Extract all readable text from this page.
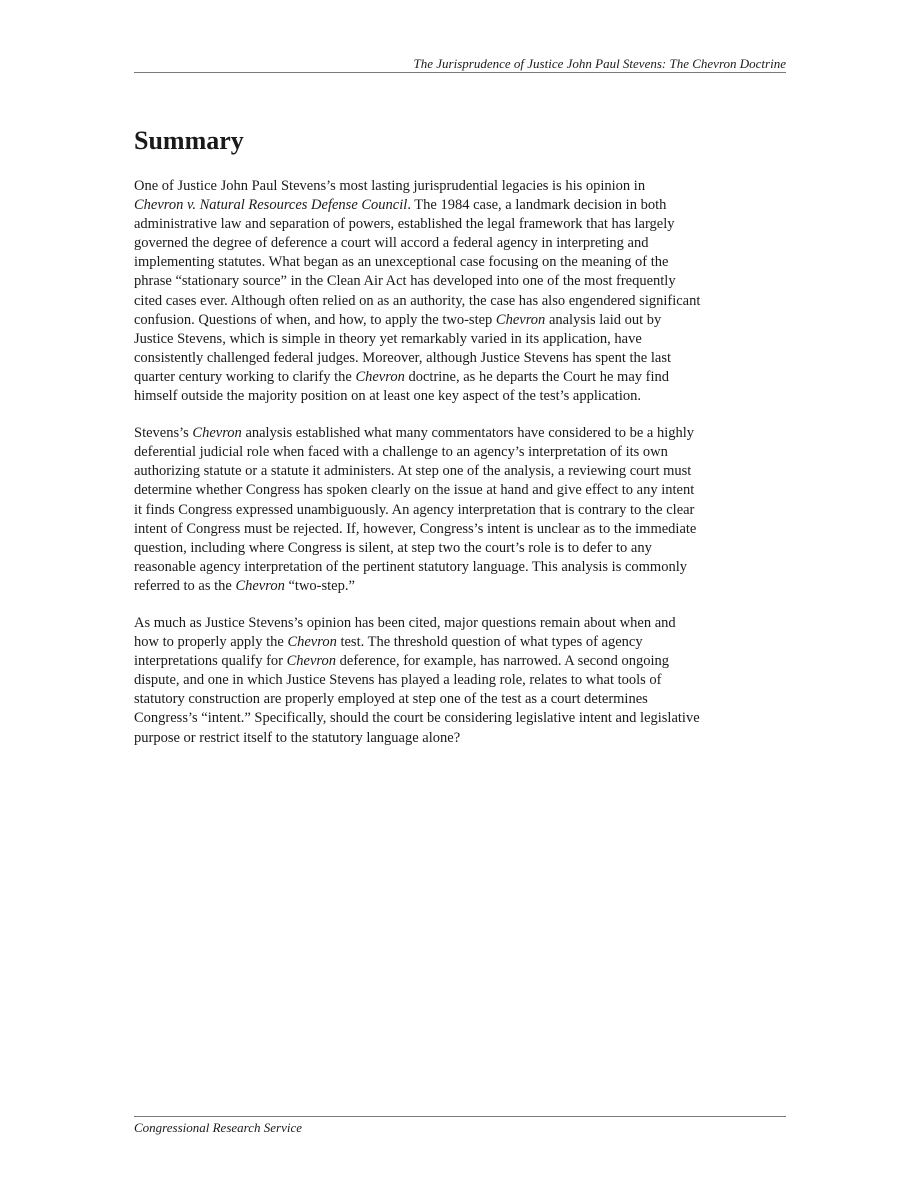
The Jurisprudence of Justice John Paul Stevens: The Chevron Doctrine
Summary

One of Justice John Paul Stevens’s most lasting jurisprudential legacies is his opinion in
Chevron v. Natural Resources Defense Council. The 1984 case, a landmark decision in both
administrative law and separation of powers, established the legal framework that has largely
governed the degree of deference a court will accord a federal agency in interpreting and
implementing statutes. What began as an unexceptional case focusing on the meaning of the
phrase “stationary source” in the Clean Air Act has developed into one of the most frequently
cited cases ever. Although often relied on as an authority, the case has also engendered significant
confusion. Questions of when, and how, to apply the two-step Chevron analysis laid out by
Justice Stevens, which is simple in theory yet remarkably varied in its application, have
consistently challenged federal judges. Moreover, although Justice Stevens has spent the last
quarter century working to clarify the Chevron doctrine, as he departs the Court he may find
himself outside the majority position on at least one key aspect of the test’s application.

Stevens’s Chevron analysis established what many commentators have considered to be a highly
deferential judicial role when faced with a challenge to an agency’s interpretation of its own
authorizing statute or a statute it administers. At step one of the analysis, a reviewing court must
determine whether Congress has spoken clearly on the issue at hand and give effect to any intent
it finds Congress expressed unambiguously. An agency interpretation that is contrary to the clear
intent of Congress must be rejected. If, however, Congress’s intent is unclear as to the immediate
question, including where Congress is silent, at step two the court’s role is to defer to any
reasonable agency interpretation of the pertinent statutory language. This analysis is commonly
referred to as the Chevron “two-step.”

As much as Justice Stevens’s opinion has been cited, major questions remain about when and
how to properly apply the Chevron test. The threshold question of what types of agency
interpretations qualify for Chevron deference, for example, has narrowed. A second ongoing
dispute, and one in which Justice Stevens has played a leading role, relates to what tools of
statutory construction are properly employed at step one of the test as a court determines
Congress’s “intent.” Specifically, should the court be considering legislative intent and legislative
purpose or restrict itself to the statutory language alone?

Congressional Research Service
